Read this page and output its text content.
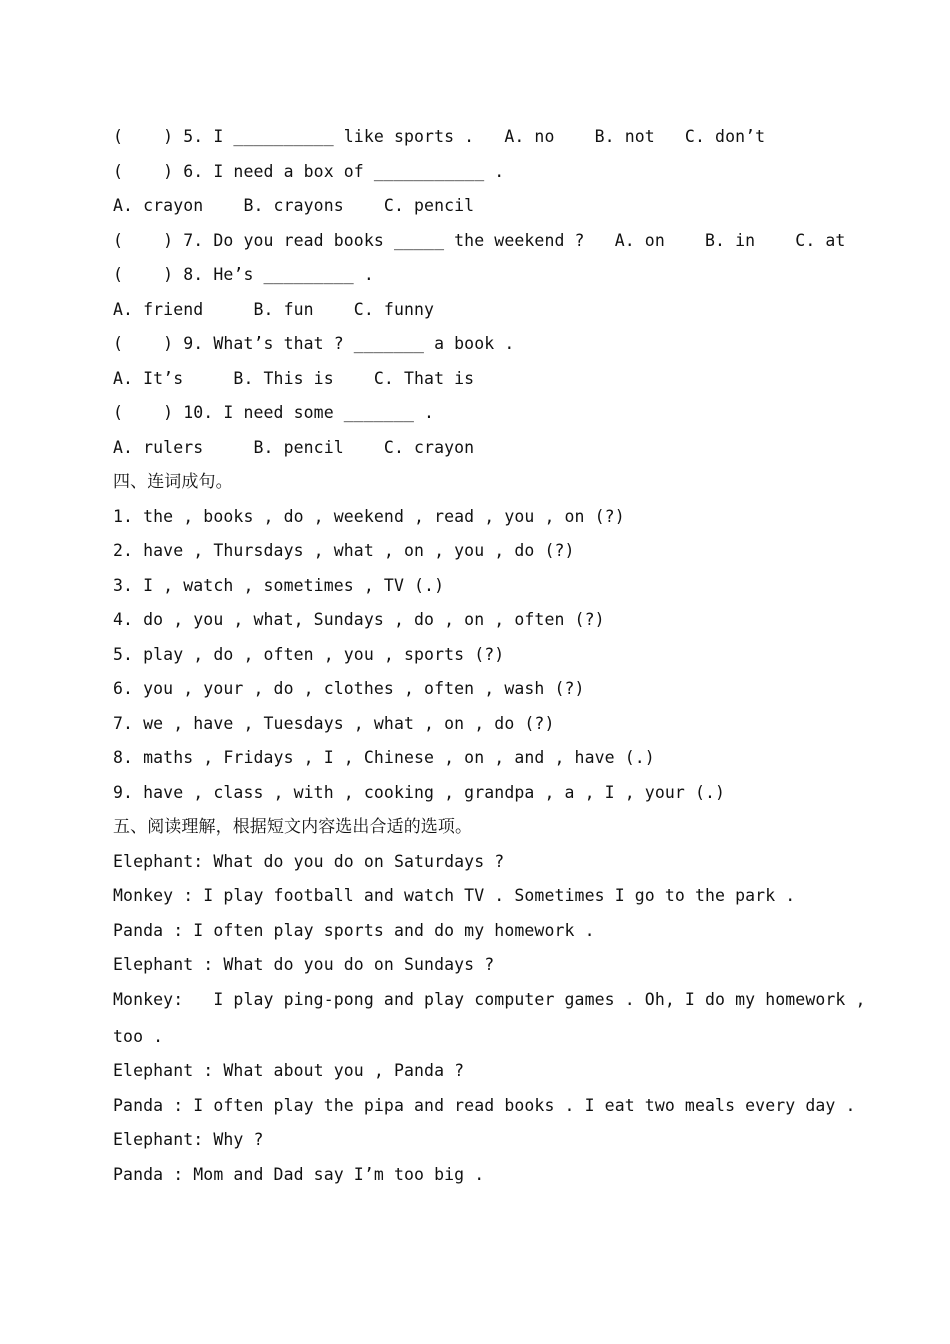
(    ) 5. I __________ like sports .   A. no    B. not   C. don’t
(    ) 6. I need a box of ___________ .
A. crayon    B. crayons    C. pencil
(    ) 7. Do you read books _____ the weekend ?   A. on    B. in    C. at
(    ) 8. He’s _________ .
A. friend     B. fun    C. funny
(    ) 9. What’s that ? _______ a book .
A. It’s     B. This is    C. That is
(    ) 10. I need some _______ .
A. rulers     B. pencil    C. crayon
四、连词成句。
1. the , books , do , weekend , read , you , on (?)
2. have , Thursdays , what , on , you , do (?)
3. I , watch , sometimes , TV (.)
4. do , you , what, Sundays , do , on , often (?)
5. play , do , often , you , sports (?)
6. you , your , do , clothes , often , wash (?)
7. we , have , Tuesdays , what , on , do (?)
8. maths , Fridays , I , Chinese , on , and , have (.)
9. have , class , with , cooking , grandpa , a , I , your (.)
五、阅读理解，根据短文内容选出合适的选项。
Elephant: What do you do on Saturdays ?
Monkey : I play football and watch TV . Sometimes I go to the park .
Panda : I often play sports and do my homework .
Elephant : What do you do on Sundays ?
Monkey:   I play ping-pong and play computer games . Oh, I do my homework ,
too .
Elephant : What about you , Panda ?
Panda : I often play the pipa and read books . I eat two meals every day .
Elephant: Why ?
Panda : Mom and Dad say I’m too big .
